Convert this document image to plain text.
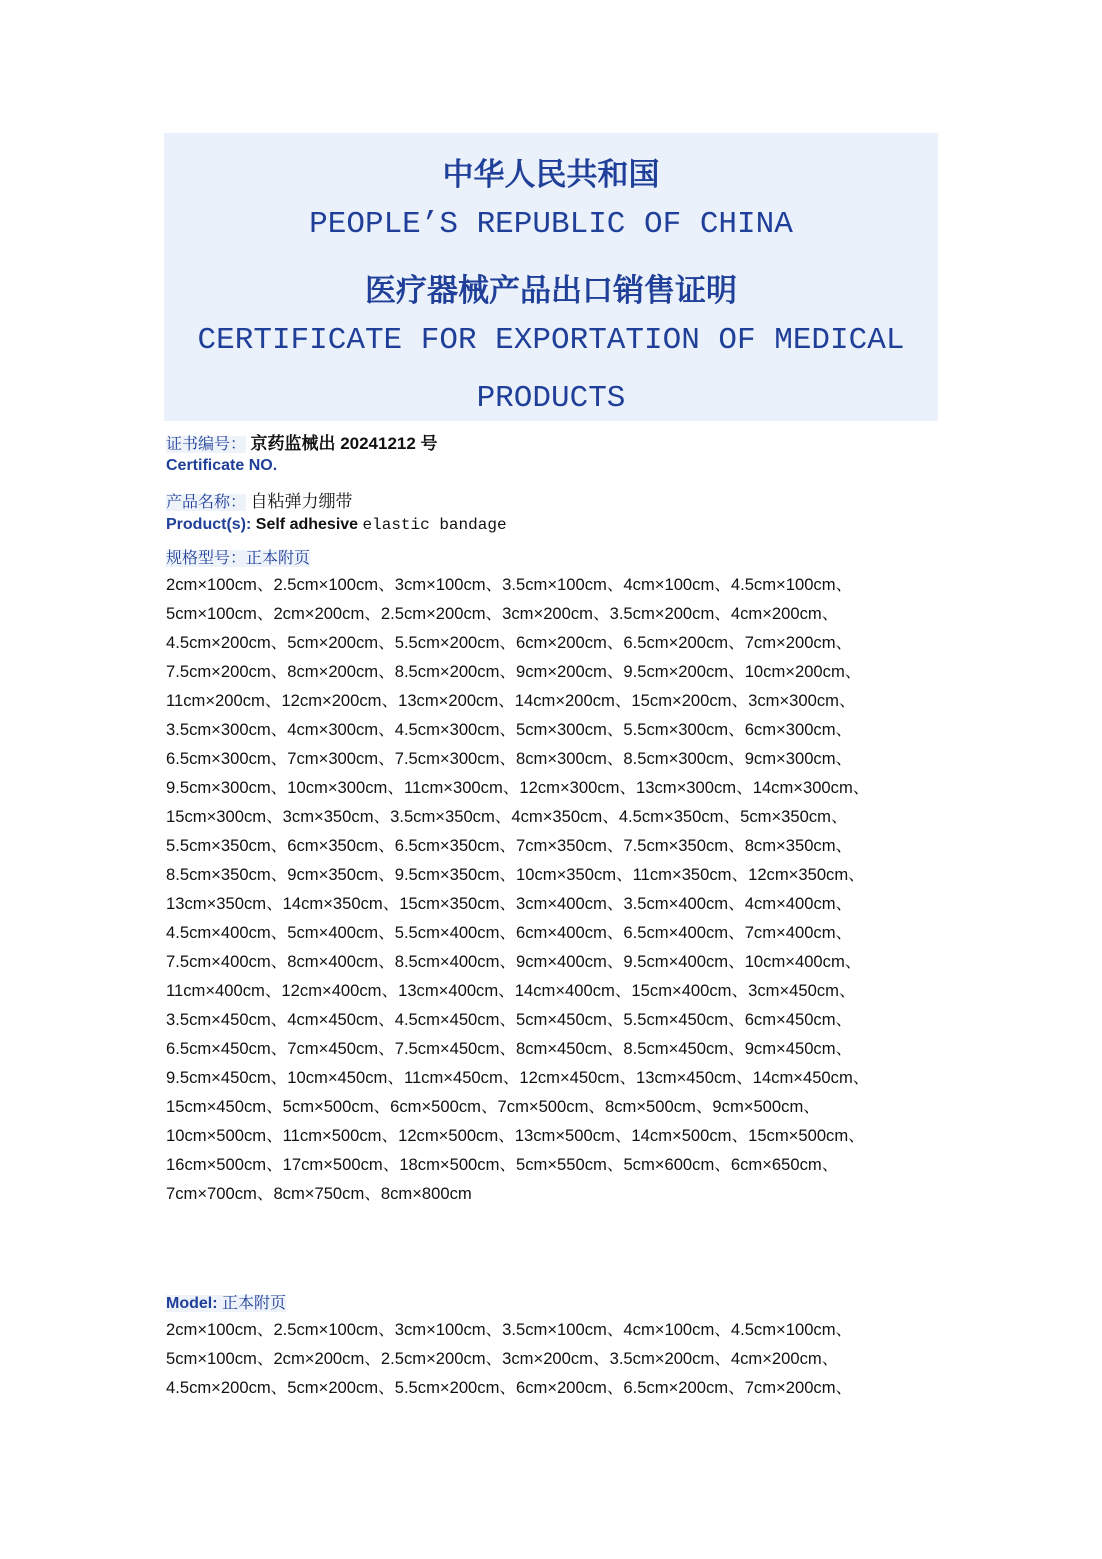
中华人民共和国
PEOPLE’S REPUBLIC OF CHINA
医疗器械产品出口销售证明
CERTIFICATE FOR EXPORTATION OF MEDICAL
PRODUCTS
证书编号： 京药监械出 20241212 号
Certificate NO.
产品名称： 自粘弹力绷带
Product(s): Self adhesive elastic bandage
规格型号：正本附页
2cm×100cm、2.5cm×100cm、3cm×100cm、3.5cm×100cm、4cm×100cm、4.5cm×100cm、
5cm×100cm、2cm×200cm、2.5cm×200cm、3cm×200cm、3.5cm×200cm、4cm×200cm、
4.5cm×200cm、5cm×200cm、5.5cm×200cm、6cm×200cm、6.5cm×200cm、7cm×200cm、
7.5cm×200cm、8cm×200cm、8.5cm×200cm、9cm×200cm、9.5cm×200cm、10cm×200cm、
11cm×200cm、12cm×200cm、13cm×200cm、14cm×200cm、15cm×200cm、3cm×300cm、
3.5cm×300cm、4cm×300cm、4.5cm×300cm、5cm×300cm、5.5cm×300cm、6cm×300cm、
6.5cm×300cm、7cm×300cm、7.5cm×300cm、8cm×300cm、8.5cm×300cm、9cm×300cm、
9.5cm×300cm、10cm×300cm、11cm×300cm、12cm×300cm、13cm×300cm、14cm×300cm、
15cm×300cm、3cm×350cm、3.5cm×350cm、4cm×350cm、4.5cm×350cm、5cm×350cm、
5.5cm×350cm、6cm×350cm、6.5cm×350cm、7cm×350cm、7.5cm×350cm、8cm×350cm、
8.5cm×350cm、9cm×350cm、9.5cm×350cm、10cm×350cm、11cm×350cm、12cm×350cm、
13cm×350cm、14cm×350cm、15cm×350cm、3cm×400cm、3.5cm×400cm、4cm×400cm、
4.5cm×400cm、5cm×400cm、5.5cm×400cm、6cm×400cm、6.5cm×400cm、7cm×400cm、
7.5cm×400cm、8cm×400cm、8.5cm×400cm、9cm×400cm、9.5cm×400cm、10cm×400cm、
11cm×400cm、12cm×400cm、13cm×400cm、14cm×400cm、15cm×400cm、3cm×450cm、
3.5cm×450cm、4cm×450cm、4.5cm×450cm、5cm×450cm、5.5cm×450cm、6cm×450cm、
6.5cm×450cm、7cm×450cm、7.5cm×450cm、8cm×450cm、8.5cm×450cm、9cm×450cm、
9.5cm×450cm、10cm×450cm、11cm×450cm、12cm×450cm、13cm×450cm、14cm×450cm、
15cm×450cm、5cm×500cm、6cm×500cm、7cm×500cm、8cm×500cm、9cm×500cm、
10cm×500cm、11cm×500cm、12cm×500cm、13cm×500cm、14cm×500cm、15cm×500cm、
16cm×500cm、17cm×500cm、18cm×500cm、5cm×550cm、5cm×600cm、6cm×650cm、
7cm×700cm、8cm×750cm、8cm×800cm
Model: 正本附页
2cm×100cm、2.5cm×100cm、3cm×100cm、3.5cm×100cm、4cm×100cm、4.5cm×100cm、
5cm×100cm、2cm×200cm、2.5cm×200cm、3cm×200cm、3.5cm×200cm、4cm×200cm、
4.5cm×200cm、5cm×200cm、5.5cm×200cm、6cm×200cm、6.5cm×200cm、7cm×200cm、
